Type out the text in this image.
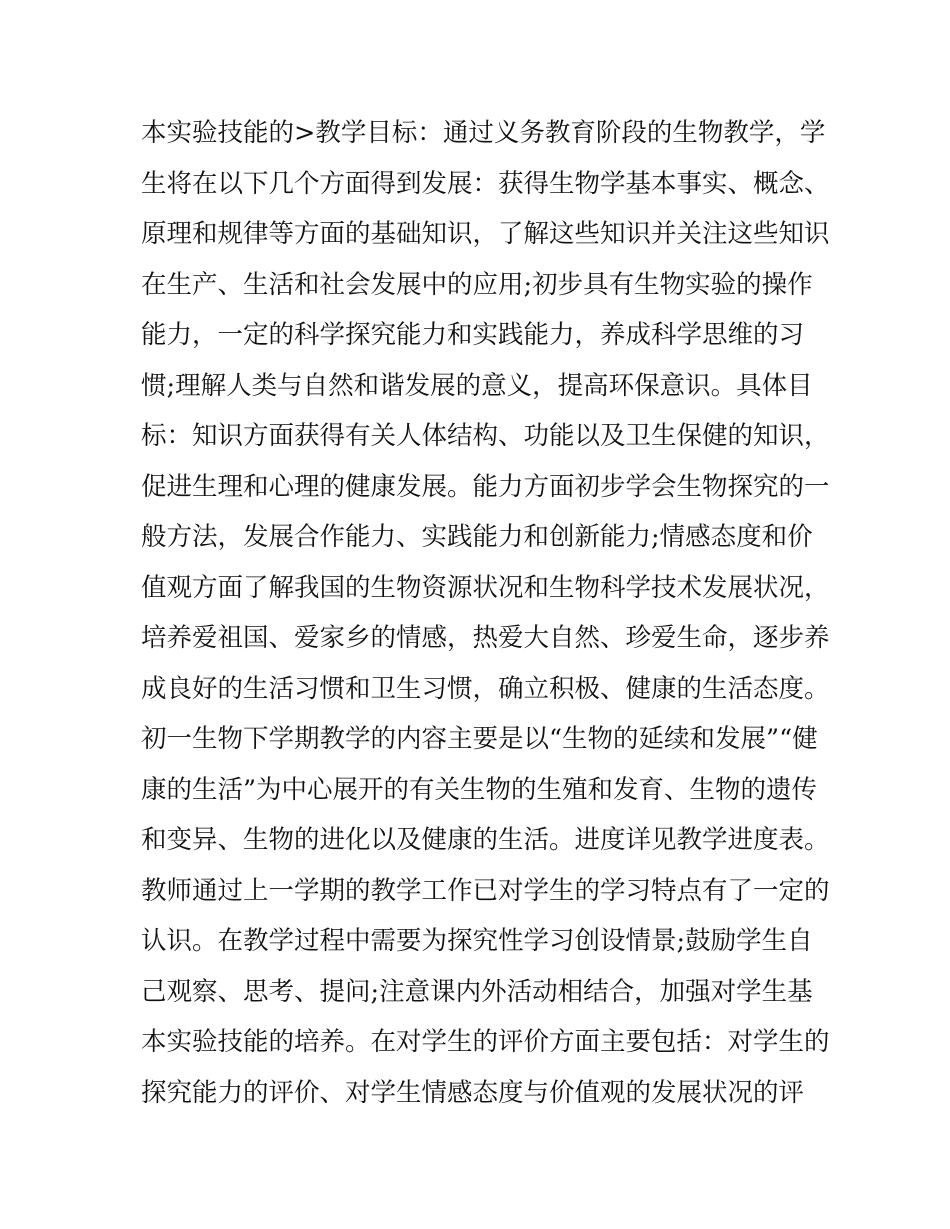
本实验技能的>教学目标：通过义务教育阶段的生物教学，学
生将在以下几个方面得到发展：获得生物学基本事实、概念、
原理和规律等方面的基础知识，了解这些知识并关注这些知识
在生产、生活和社会发展中的应用;初步具有生物实验的操作
能力，一定的科学探究能力和实践能力，养成科学思维的习
惯;理解人类与自然和谐发展的意义，提高环保意识。具体目
标：知识方面获得有关人体结构、功能以及卫生保健的知识，
促进生理和心理的健康发展。能力方面初步学会生物探究的一
般方法，发展合作能力、实践能力和创新能力;情感态度和价
值观方面了解我国的生物资源状况和生物科学技术发展状况，
培养爱祖国、爱家乡的情感，热爱大自然、珍爱生命，逐步养
成良好的生活习惯和卫生习惯，确立积极、健康的生活态度。
初一生物下学期教学的内容主要是以“生物的延续和发展”“健
康的生活”为中心展开的有关生物的生殖和发育、生物的遗传
和变异、生物的进化以及健康的生活。进度详见教学进度表。
教师通过上一学期的教学工作已对学生的学习特点有了一定的
认识。在教学过程中需要为探究性学习创设情景;鼓励学生自
己观察、思考、提问;注意课内外活动相结合，加强对学生基
本实验技能的培养。在对学生的评价方面主要包括：对学生的
探究能力的评价、对学生情感态度与价值观的发展状况的评
